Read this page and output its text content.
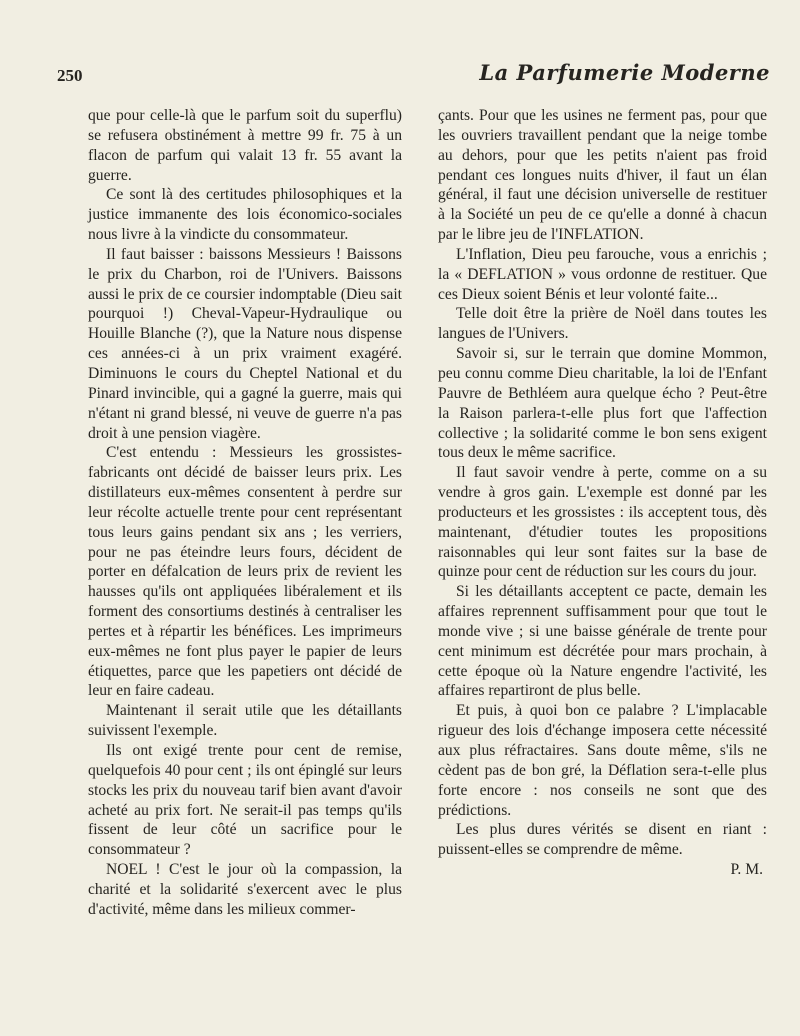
250	La Parfumerie Moderne

que pour celle-là que le parfum soit du superflu) se refusera obstinément à mettre 99 fr. 75 à un flacon de parfum qui valait 13 fr. 55 avant la guerre.

Ce sont là des certitudes philosophiques et la justice immanente des lois économico-sociales nous livre à la vindicte du consommateur.

Il faut baisser : baissons Messieurs ! Baissons le prix du Charbon, roi de l'Univers. Baissons aussi le prix de ce coursier indomptable (Dieu sait pourquoi !) Cheval-Vapeur-Hydraulique ou Houille Blanche (?), que la Nature nous dispense ces années-ci à un prix vraiment exagéré. Diminuons le cours du Cheptel National et du Pinard invincible, qui a gagné la guerre, mais qui n'étant ni grand blessé, ni veuve de guerre n'a pas droit à une pension viagère.

C'est entendu : Messieurs les grossistes-fabricants ont décidé de baisser leurs prix. Les distillateurs eux-mêmes consentent à perdre sur leur récolte actuelle trente pour cent représentant tous leurs gains pendant six ans ; les verriers, pour ne pas éteindre leurs fours, décident de porter en défalcation de leurs prix de revient les hausses qu'ils ont appliquées libéralement et ils forment des consortiums destinés à centraliser les pertes et à répartir les bénéfices. Les imprimeurs eux-mêmes ne font plus payer le papier de leurs étiquettes, parce que les papetiers ont décidé de leur en faire cadeau.

Maintenant il serait utile que les détaillants suivissent l'exemple.

Ils ont exigé trente pour cent de remise, quelquefois 40 pour cent ; ils ont épinglé sur leurs stocks les prix du nouveau tarif bien avant d'avoir acheté au prix fort. Ne serait-il pas temps qu'ils fissent de leur côté un sacrifice pour le consommateur ?

NOEL ! C'est le jour où la compassion, la charité et la solidarité s'exercent avec le plus d'activité, même dans les milieux commer-

çants. Pour que les usines ne ferment pas, pour que les ouvriers travaillent pendant que la neige tombe au dehors, pour que les petits n'aient pas froid pendant ces longues nuits d'hiver, il faut un élan général, il faut une décision universelle de restituer à la Société un peu de ce qu'elle a donné à chacun par le libre jeu de l'INFLATION.

L'Inflation, Dieu peu farouche, vous a enrichis ; la « DEFLATION » vous ordonne de restituer. Que ces Dieux soient Bénis et leur volonté faite...

Telle doit être la prière de Noël dans toutes les langues de l'Univers.

Savoir si, sur le terrain que domine Mommon, peu connu comme Dieu charitable, la loi de l'Enfant Pauvre de Bethléem aura quelque écho ? Peut-être la Raison parlera-t-elle plus fort que l'affection collective ; la solidarité comme le bon sens exigent tous deux le même sacrifice.

Il faut savoir vendre à perte, comme on a su vendre à gros gain. L'exemple est donné par les producteurs et les grossistes : ils acceptent tous, dès maintenant, d'étudier toutes les propositions raisonnables qui leur sont faites sur la base de quinze pour cent de réduction sur les cours du jour.

Si les détaillants acceptent ce pacte, demain les affaires reprennent suffisamment pour que tout le monde vive ; si une baisse générale de trente pour cent minimum est décrétée pour mars prochain, à cette époque où la Nature engendre l'activité, les affaires repartiront de plus belle.

Et puis, à quoi bon ce palabre ? L'implacable rigueur des lois d'échange imposera cette nécessité aux plus réfractaires. Sans doute même, s'ils ne cèdent pas de bon gré, la Déflation sera-t-elle plus forte encore : nos conseils ne sont que des prédictions.

Les plus dures vérités se disent en riant : puissent-elles se comprendre de même.

P. M.
